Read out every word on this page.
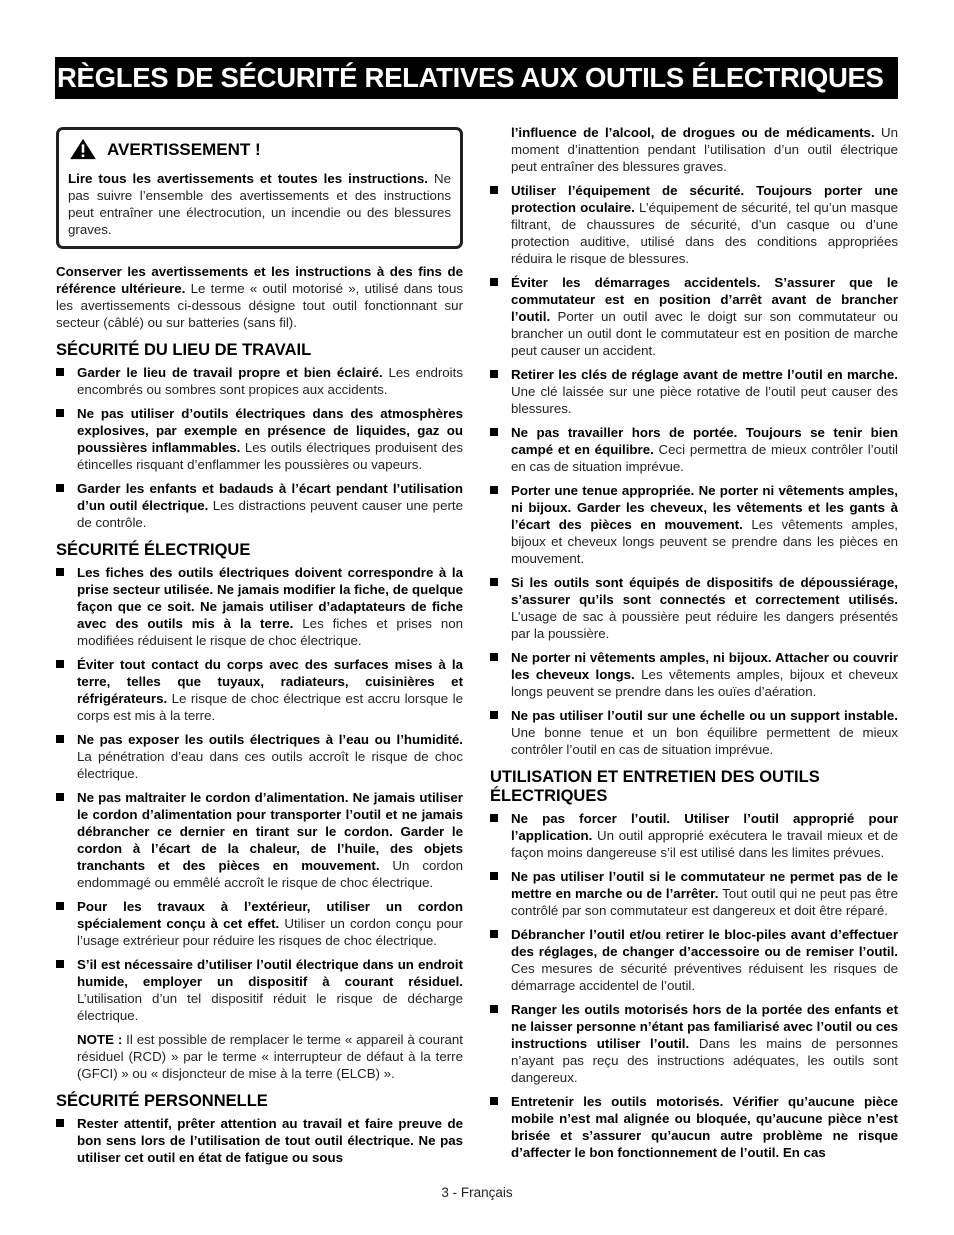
RÈGLES DE SÉCURITÉ RELATIVES AUX OUTILS ÉLECTRIQUES
AVERTISSEMENT !

Lire tous les avertissements et toutes les instructions. Ne pas suivre l’ensemble des avertissements et des instructions peut entraîner une électrocution, un incendie ou des blessures graves.

Conserver les avertissements et les instructions à des fins de référence ultérieure. Le terme « outil motorisé », utilisé dans tous les avertissements ci-dessous désigne tout outil fonctionnant sur secteur (câblé) ou sur batteries (sans fil).

SÉCURITÉ DU LIEU DE TRAVAIL
Garder le lieu de travail propre et bien éclairé. Les endroits encombrés ou sombres sont propices aux accidents.
Ne pas utiliser d’outils électriques dans des atmosphères explosives, par exemple en présence de liquides, gaz ou poussières inflammables. Les outils électriques produisent des étincelles risquant d’enflammer les poussières ou vapeurs.
Garder les enfants et badauds à l’écart pendant l’utilisation d’un outil électrique. Les distractions peuvent causer une perte de contrôle.
SÉCURITÉ ÉLECTRIQUE
Les fiches des outils électriques doivent correspondre à la prise secteur utilisée. Ne jamais modifier la fiche, de quelque façon que ce soit. Ne jamais utiliser d’adaptateurs de fiche avec des outils mis à la terre. Les fiches et prises non modifiées réduisent le risque de choc électrique.
Éviter tout contact du corps avec des surfaces mises à la terre, telles que tuyaux, radiateurs, cuisinières et réfrigérateurs. Le risque de choc électrique est accru lorsque le corps est mis à la terre.
Ne pas exposer les outils électriques à l’eau ou l’humidité. La pénétration d’eau dans ces outils accroît le risque de choc électrique.
Ne pas maltraiter le cordon d’alimentation. Ne jamais utiliser le cordon d’alimentation pour transporter l’outil et ne jamais débrancher ce dernier en tirant sur le cordon. Garder le cordon à l’écart de la chaleur, de l’huile, des objets tranchants et des pièces en mouvement. Un cordon endommagé ou emmêlé accroît le risque de choc électrique.
Pour les travaux à l’extérieur, utiliser un cordon spécialement conçu à cet effet. Utiliser un cordon conçu pour l’usage extrérieur pour réduire les risques de choc électrique.
S’il est nécessaire d’utiliser l’outil électrique dans un endroit humide, employer un dispositif à courant résiduel. L’utilisation d’un tel dispositif réduit le risque de décharge électrique.

NOTE : Il est possible de remplacer le terme « appareil à courant résiduel (RCD) » par le terme « interrupteur de défaut à la terre (GFCI) » ou « disjoncteur de mise à la terre (ELCB) ».

SÉCURITÉ PERSONNELLE
Rester attentif, prêter attention au travail et faire preuve de bon sens lors de l’utilisation de tout outil électrique. Ne pas utiliser cet outil en état de fatigue ou sous

l’influence de l’alcool, de drogues ou de médicaments. Un moment d’inattention pendant l’utilisation d’un outil électrique peut entraîner des blessures graves.

Utiliser l’équipement de sécurité. Toujours porter une protection oculaire. L’équipement de sécurité, tel qu’un masque filtrant, de chaussures de sécurité, d’un casque ou d’une protection auditive, utilisé dans des conditions appropriées réduira le risque de blessures.
Éviter les démarrages accidentels. S’assurer que le commutateur est en position d’arrêt avant de brancher l’outil. Porter un outil avec le doigt sur son commutateur ou brancher un outil dont le commutateur est en position de marche peut causer un accident.
Retirer les clés de réglage avant de mettre l’outil en marche. Une clé laissée sur une pièce rotative de l’outil peut causer des blessures.
Ne pas travailler hors de portée. Toujours se tenir bien campé et en équilibre. Ceci permettra de mieux contrôler l’outil en cas de situation imprévue.
Porter une tenue appropriée. Ne porter ni vêtements amples, ni bijoux. Garder les cheveux, les vêtements et les gants à l’écart des pièces en mouvement. Les vêtements amples, bijoux et cheveux longs peuvent se prendre dans les pièces en mouvement.
Si les outils sont équipés de dispositifs de dépoussiérage, s’assurer qu’ils sont connectés et correctement utilisés. L’usage de sac à poussière peut réduire les dangers présentés par la poussière.
Ne porter ni vêtements amples, ni bijoux. Attacher ou couvrir les cheveux longs. Les vêtements amples, bijoux et cheveux longs peuvent se prendre dans les ouïes d’aération.
Ne pas utiliser l’outil sur une échelle ou un support instable. Une bonne tenue et un bon équilibre permettent de mieux contrôler l’outil en cas de situation imprévue.
UTILISATION ET ENTRETIEN DES OUTILS ÉLECTRIQUES
Ne pas forcer l’outil. Utiliser l’outil approprié pour l’application. Un outil approprié exécutera le travail mieux et de façon moins dangereuse s’il est utilisé dans les limites prévues.
Ne pas utiliser l’outil si le commutateur ne permet pas de le mettre en marche ou de l’arrêter. Tout outil qui ne peut pas être contrôlé par son commutateur est dangereux et doit être réparé.
Débrancher l’outil et/ou retirer le bloc-piles avant d’effectuer des réglages, de changer d’accessoire ou de remiser l’outil. Ces mesures de sécurité préventives réduisent les risques de démarrage accidentel de l’outil.
Ranger les outils motorisés hors de la portée des enfants et ne laisser personne n’étant pas familiarisé avec l’outil ou ces instructions utiliser l’outil. Dans les mains de personnes n’ayant pas reçu des instructions adéquates, les outils sont dangereux.
Entretenir les outils motorisés. Vérifier qu’aucune pièce mobile n’est mal alignée ou bloquée, qu’aucune pièce n’est brisée et s’assurer qu’aucun autre problème ne risque d’affecter le bon fonctionnement de l’outil. En cas
3 - Français
